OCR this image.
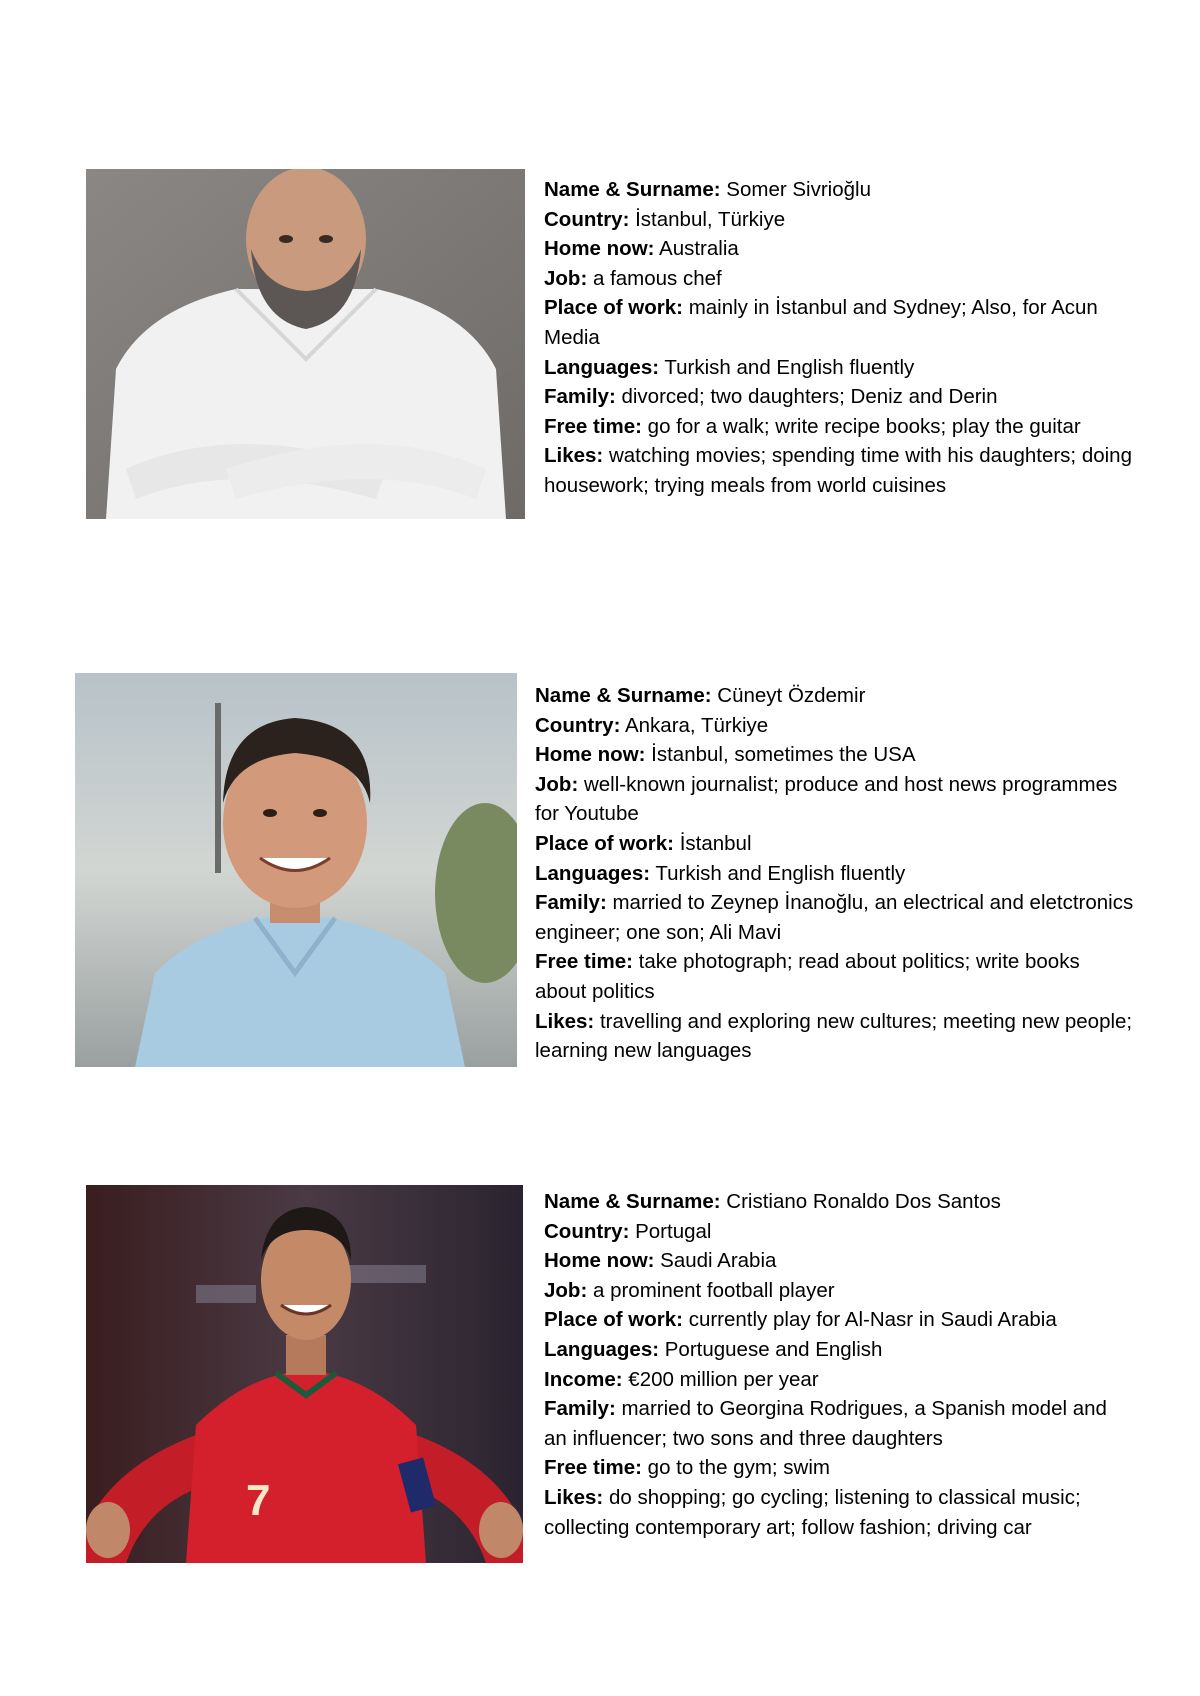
Name & Surname: Somer Sivrioğlu

Country: İstanbul, Türkiye

Home now: Australia

Job: a famous chef

Place of work: mainly in İstanbul and Sydney; Also, for Acun Media

Languages: Turkish and English fluently

Family: divorced; two daughters; Deniz and Derin

Free time: go for a walk; write recipe books; play the guitar

Likes: watching movies; spending time with his daughters; doing housework; trying meals from world cuisines

Name & Surname: Cüneyt Özdemir

Country: Ankara, Türkiye

Home now: İstanbul, sometimes the USA

Job: well-known journalist; produce and host news programmes for Youtube

Place of work: İstanbul

Languages: Turkish and English fluently

Family: married to Zeynep İnanoğlu, an electrical and eletctronics engineer; one son; Ali Mavi

Free time: take photograph; read about politics; write books about politics

Likes: travelling and exploring new cultures; meeting new people; learning new languages

7

Name & Surname: Cristiano Ronaldo Dos Santos

Country: Portugal

Home now: Saudi Arabia

Job: a prominent football player

Place of work: currently play for Al-Nasr in Saudi Arabia

Languages: Portuguese and English

Income: €200 million per year

Family: married to Georgina Rodrigues, a Spanish model and an influencer; two sons and three daughters

Free time: go to the gym; swim

Likes: do shopping; go cycling; listening to classical music; collecting contemporary art; follow fashion; driving car
